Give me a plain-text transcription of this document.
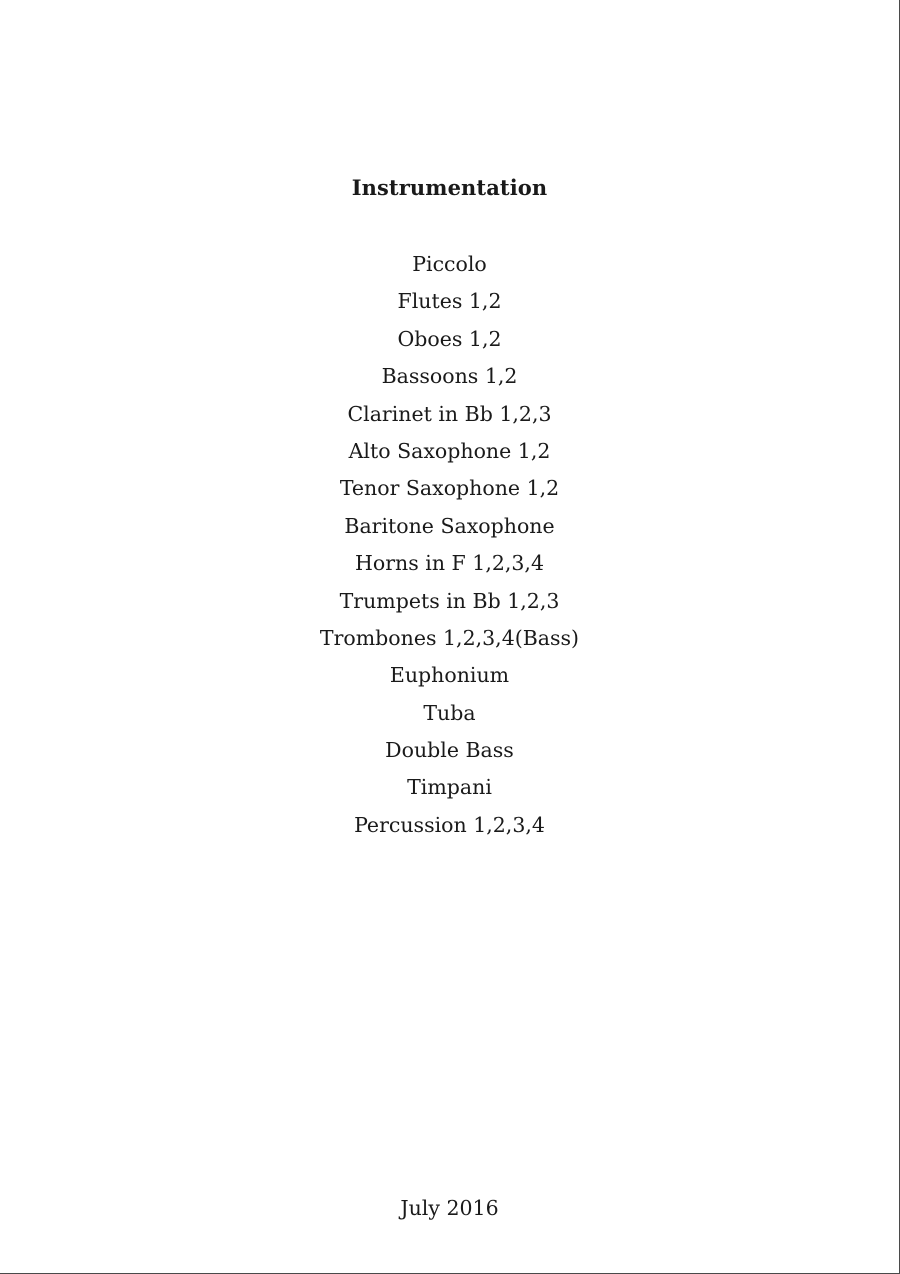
Instrumentation
Piccolo
Flutes 1,2
Oboes 1,2
Bassoons 1,2
Clarinet in Bb 1,2,3
Alto Saxophone 1,2
Tenor Saxophone 1,2
Baritone Saxophone
Horns in F 1,2,3,4
Trumpets in Bb 1,2,3
Trombones 1,2,3,4(Bass)
Euphonium
Tuba
Double Bass
Timpani
Percussion 1,2,3,4
July 2016
